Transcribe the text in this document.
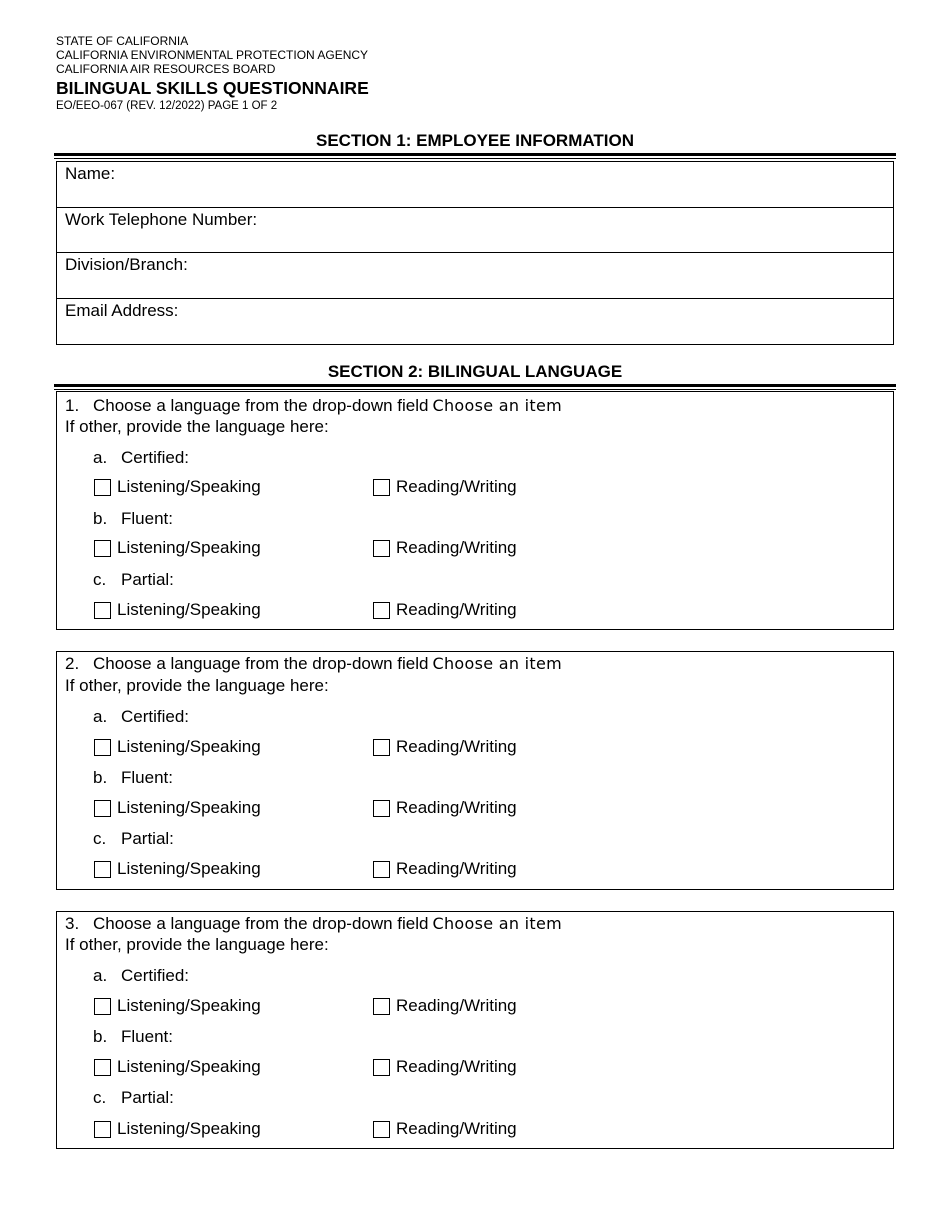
STATE OF CALIFORNIA
CALIFORNIA ENVIRONMENTAL PROTECTION AGENCY
CALIFORNIA AIR RESOURCES BOARD
BILINGUAL SKILLS QUESTIONNAIRE
EO/EEO-067 (REV. 12/2022) PAGE 1 OF 2
SECTION 1: EMPLOYEE INFORMATION
Name:
Work Telephone Number:
Division/Branch:
Email Address:
SECTION 2: BILINGUAL LANGUAGE
1. Choose a language from the drop-down field Choose an item
If other, provide the language here:
a. Certified:
Listening/Speaking	Reading/Writing
b. Fluent:
Listening/Speaking	Reading/Writing
c. Partial:
Listening/Speaking	Reading/Writing
2. Choose a language from the drop-down field Choose an item
If other, provide the language here:
a. Certified:
Listening/Speaking	Reading/Writing
b. Fluent:
Listening/Speaking	Reading/Writing
c. Partial:
Listening/Speaking	Reading/Writing
3. Choose a language from the drop-down field Choose an item
If other, provide the language here:
a. Certified:
Listening/Speaking	Reading/Writing
b. Fluent:
Listening/Speaking	Reading/Writing
c. Partial:
Listening/Speaking	Reading/Writing
